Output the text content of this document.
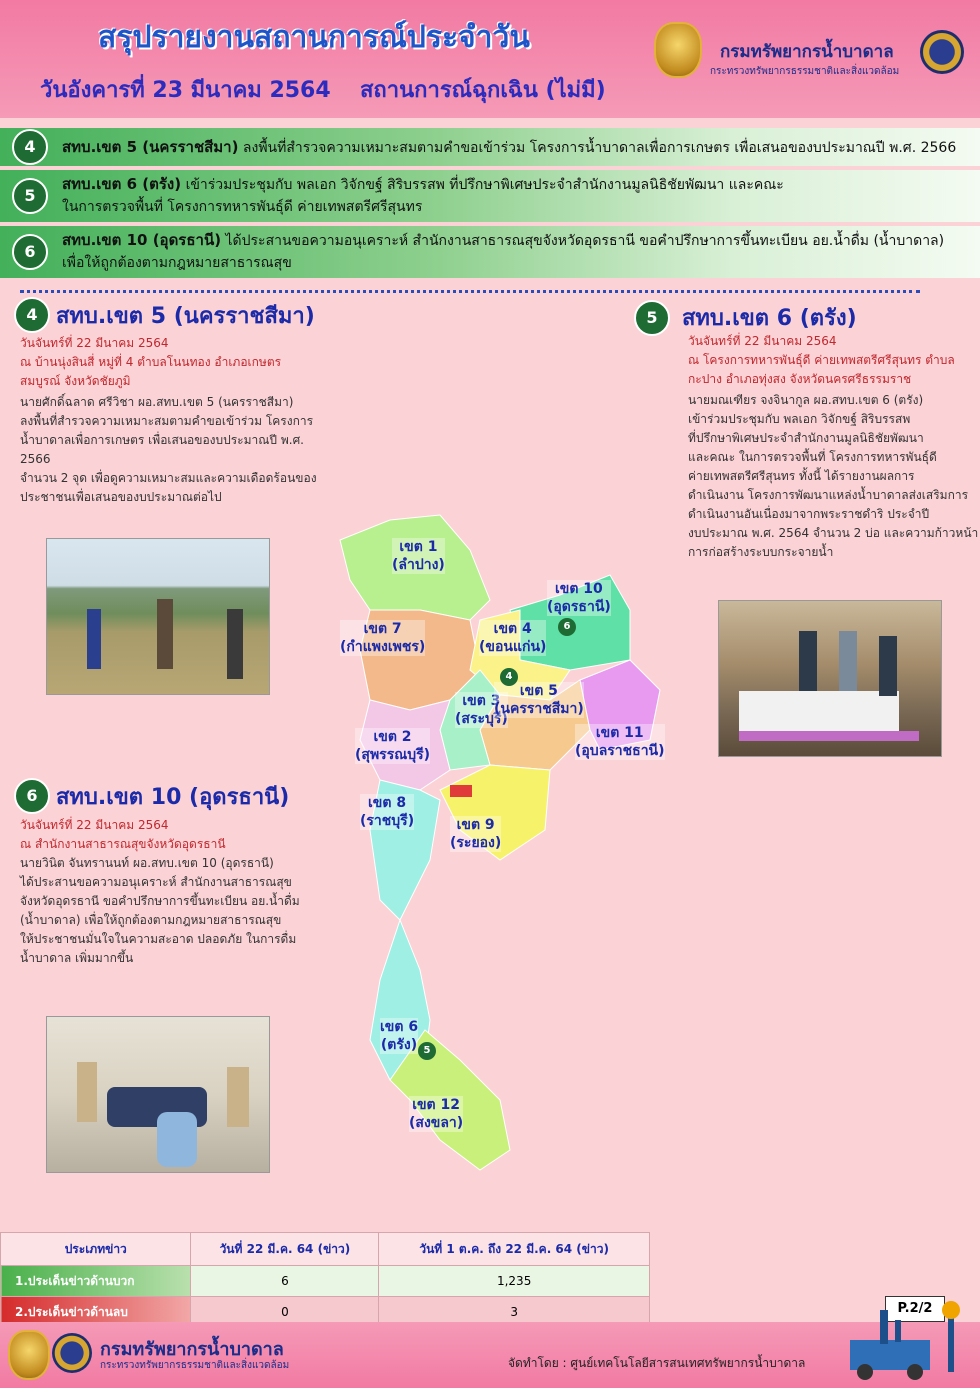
สรุปรายงานสถานการณ์ประจำวัน
วันอังคารที่ 23 มีนาคม 2564 สถานการณ์ฉุกเฉิน (ไม่มี)
กรมทรัพยากรน้ำบาดาล
กระทรวงทรัพยากรธรรมชาติและสิ่งแวดล้อม
4	สทบ.เขต 5 (นครราชสีมา) ลงพื้นที่สำรวจความเหมาะสมตามคำขอเข้าร่วม โครงการน้ำบาดาลเพื่อการเกษตร เพื่อเสนอของบประมาณปี พ.ศ. 2566
5
สทบ.เขต 6 (ตรัง) เข้าร่วมประชุมกับ พลเอก วิจักขฐ์ สิริบรรสพ ที่ปรึกษาพิเศษประจำสำนักงานมูลนิธิชัยพัฒนา และคณะ
ในการตรวจพื้นที่ โครงการทหารพันธุ์ดี ค่ายเทพสตรีศรีสุนทร
6
สทบ.เขต 10 (อุดรธานี) ได้ประสานขอความอนุเคราะห์ สำนักงานสาธารณสุขจังหวัดอุดรธานี ขอคำปรึกษาการขึ้นทะเบียน อย.น้ำดื่ม (น้ำบาดาล)
เพื่อให้ถูกต้องตามกฎหมายสาธารณสุข
4 สทบ.เขต 5 (นครราชสีมา)
วันจันทร์ที่ 22 มีนาคม 2564
ณ บ้านนุ่งสินสี่ หมู่ที่ 4 ตำบลโนนทอง อำเภอเกษตร
สมบูรณ์ จังหวัดชัยภูมิ
นายศักดิ์ฉลาด ศรีวิชา ผอ.สทบ.เขต 5 (นครราชสีมา)
ลงพื้นที่สำรวจความเหมาะสมตามคำขอเข้าร่วม โครงการ
น้ำบาดาลเพื่อการเกษตร เพื่อเสนอของบประมาณปี พ.ศ. 2566
จำนวน 2 จุด เพื่อดูความเหมาะสมและความเดือดร้อนของ
ประชาชนเพื่อเสนอของบประมาณต่อไป
5	สทบ.เขต 6 (ตรัง)
วันจันทร์ที่ 22 มีนาคม 2564
ณ โครงการทหารพันธุ์ดี ค่ายเทพสตรีศรีสุนทร ตำบล
กะปาง อำเภอทุ่งสง จังหวัดนครศรีธรรมราช
นายมณเฑียร จงจินากูล ผอ.สทบ.เขต 6 (ตรัง)
เข้าร่วมประชุมกับ พลเอก วิจักขฐ์ สิริบรรสพ
ที่ปรึกษาพิเศษประจำสำนักงานมูลนิธิชัยพัฒนา
และคณะ ในการตรวจพื้นที่ โครงการทหารพันธุ์ดี
ค่ายเทพสตรีศรีสุนทร ทั้งนี้ ได้รายงานผลการ
ดำเนินงาน โครงการพัฒนาแหล่งน้ำบาดาลส่งเสริมการ
ดำเนินงานอันเนื่องมาจากพระราชดำริ ประจำปี
งบประมาณ พ.ศ. 2564 จำนวน 2 บ่อ และความก้าวหน้า
การก่อสร้างระบบกระจายน้ำ
6 สทบ.เขต 10 (อุดรธานี)
วันจันทร์ที่ 22 มีนาคม 2564
ณ สำนักงานสาธารณสุขจังหวัดอุดรธานี
นายวินิต จันทรานนท์ ผอ.สทบ.เขต 10 (อุดรธานี)
ได้ประสานขอความอนุเคราะห์ สำนักงานสาธารณสุข
จังหวัดอุดรธานี ขอคำปรึกษาการขึ้นทะเบียน อย.น้ำดื่ม
(น้ำบาดาล) เพื่อให้ถูกต้องตามกฎหมายสาธารณสุข
ให้ประชาชนมั่นใจในความสะอาด ปลอดภัย ในการดื่ม
น้ำบาดาล เพิ่มมากขึ้น
เขต 1
(ลำปาง)
เขต 7
(กำแพงเพชร)
เขต 10
(อุดรธานี)
เขต 4
(ขอนแก่น)
เขต 3
(สระบุรี)
เขต 5
(นครราชสีมา)
เขต 11
(อุบลราชธานี)
เขต 2
(สุพรรณบุรี)
เขต 8
(ราชบุรี)	เขต 9
(ระยอง)
เขต 6
(ตรัง)
เขต 12
(สงขลา)
6
4
5
ประเภทข่าว	วันที่ 22 มี.ค. 64 (ข่าว)	วันที่ 1 ต.ค. ถึง 22 มี.ค. 64 (ข่าว)
1.ประเด็นข่าวด้านบวก	6	1,235
2.ประเด็นข่าวด้านลบ	0	3	P.2/2
กรมทรัพยากรน้ำบาดาล
กระทรวงทรัพยากรธรรมชาติและสิ่งแวดล้อม	จัดทำโดย : ศูนย์เทคโนโลยีสารสนเทศทรัพยากรน้ำบาดาล
